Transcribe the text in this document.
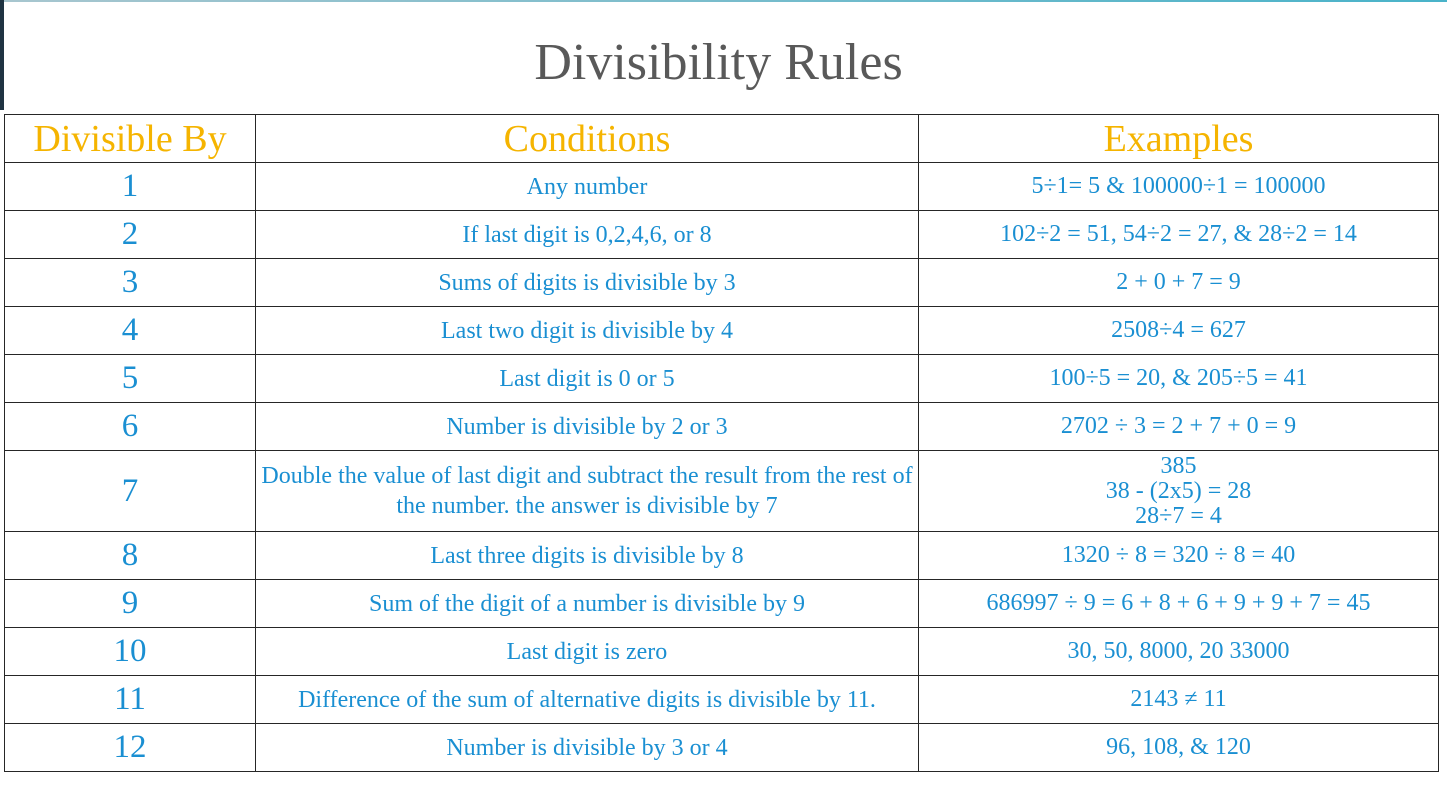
Divisibility Rules
Divisible By	Conditions	Examples
1	Any number	5÷1= 5 & 100000÷1 = 100000

2	If last digit is 0,2,4,6, or 8	102÷2 = 51, 54÷2 = 27, & 28÷2 = 14

3	Sums of digits is divisible by 3	2 + 0 + 7 = 9

4	Last two digit is divisible by 4	2508÷4 = 627

5	Last digit is 0 or 5	100÷5 = 20, & 205÷5 = 41

6	Number is divisible by 2 or 3	2702 ÷ 3 = 2 + 7 + 0 = 9

7	Double the value of last digit and subtract the result from the rest of the number. the answer is divisible by 7	385
38 - (2x5) = 28
28÷7 = 4

8	Last three digits is divisible by 8	1320 ÷ 8 = 320 ÷ 8 = 40

9	Sum of the digit of a number is divisible by 9	686997 ÷ 9 = 6 + 8 + 6 + 9 + 9 + 7 = 45

10	Last digit is zero	30, 50, 8000, 20 33000

11	Difference of the sum of alternative digits is divisible by 11.	2143 ≠ 11

12	Number is divisible by 3 or 4	96, 108, & 120
